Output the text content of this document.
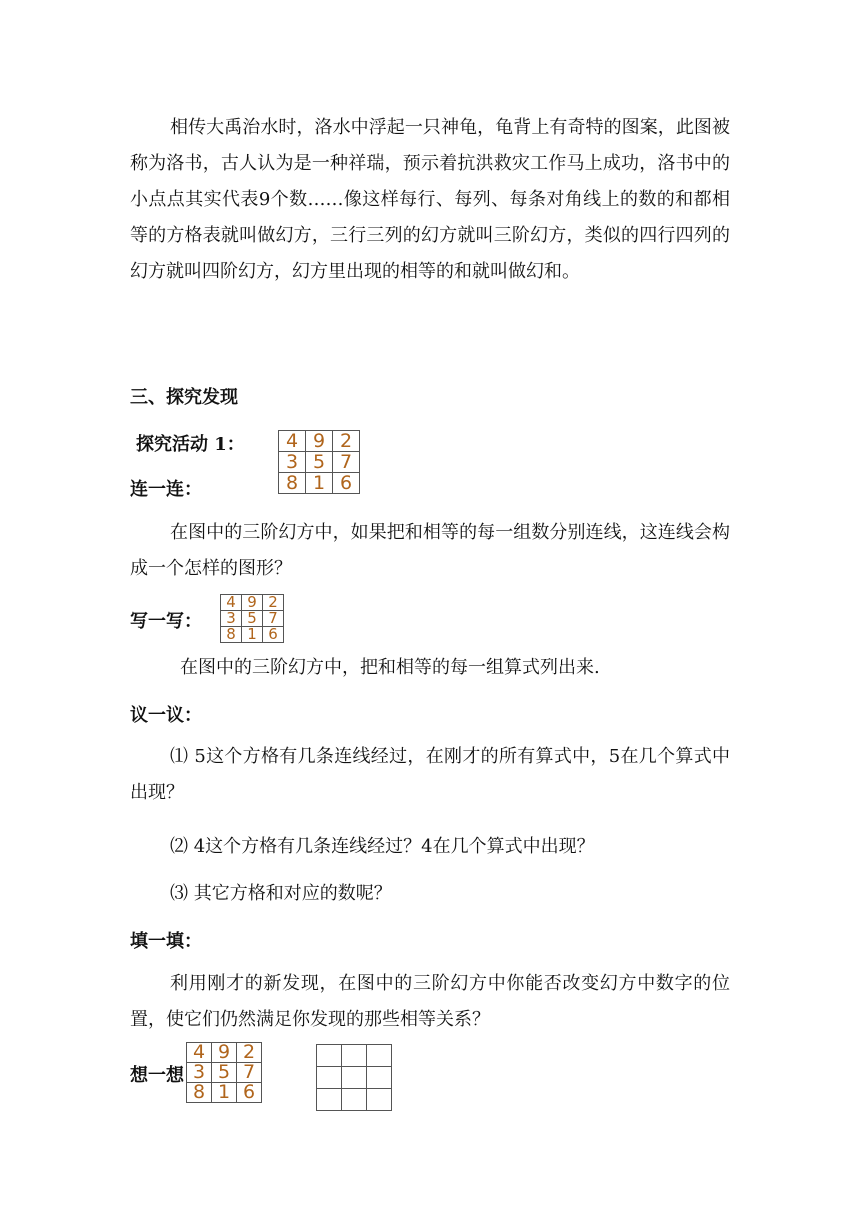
相传大禹治水时，洛水中浮起一只神龟，龟背上有奇特的图案，此图被称为洛书，古人认为是一种祥瑞，预示着抗洪救灾工作马上成功，洛书中的小点点其实代表9个数……像这样每行、每列、每条对角线上的数的和都相等的方格表就叫做幻方，三行三列的幻方就叫三阶幻方，类似的四行四列的幻方就叫四阶幻方，幻方里出现的相等的和就叫做幻和。
三、探究发现
探究活动 1： 4	9	2
3	5	7
8	1	6
连一连：
在图中的三阶幻方中，如果把和相等的每一组数分别连线，这连线会构成一个怎样的图形？
4	9	2
3	5	7
8	1	6
写一写：
在图中的三阶幻方中，把和相等的每一组算式列出来.
议一议：
⑴ 5这个方格有几条连线经过，在刚才的所有算式中，5在几个算式中出现？
⑵ 4这个方格有几条连线经过？4在几个算式中出现？
⑶ 其它方格和对应的数呢？
填一填：
利用刚才的新发现，在图中的三阶幻方中你能否改变幻方中数字的位置，使它们仍然满足你发现的那些相等关系？
想一想
4	9	2
3	5	7
8	1	6
